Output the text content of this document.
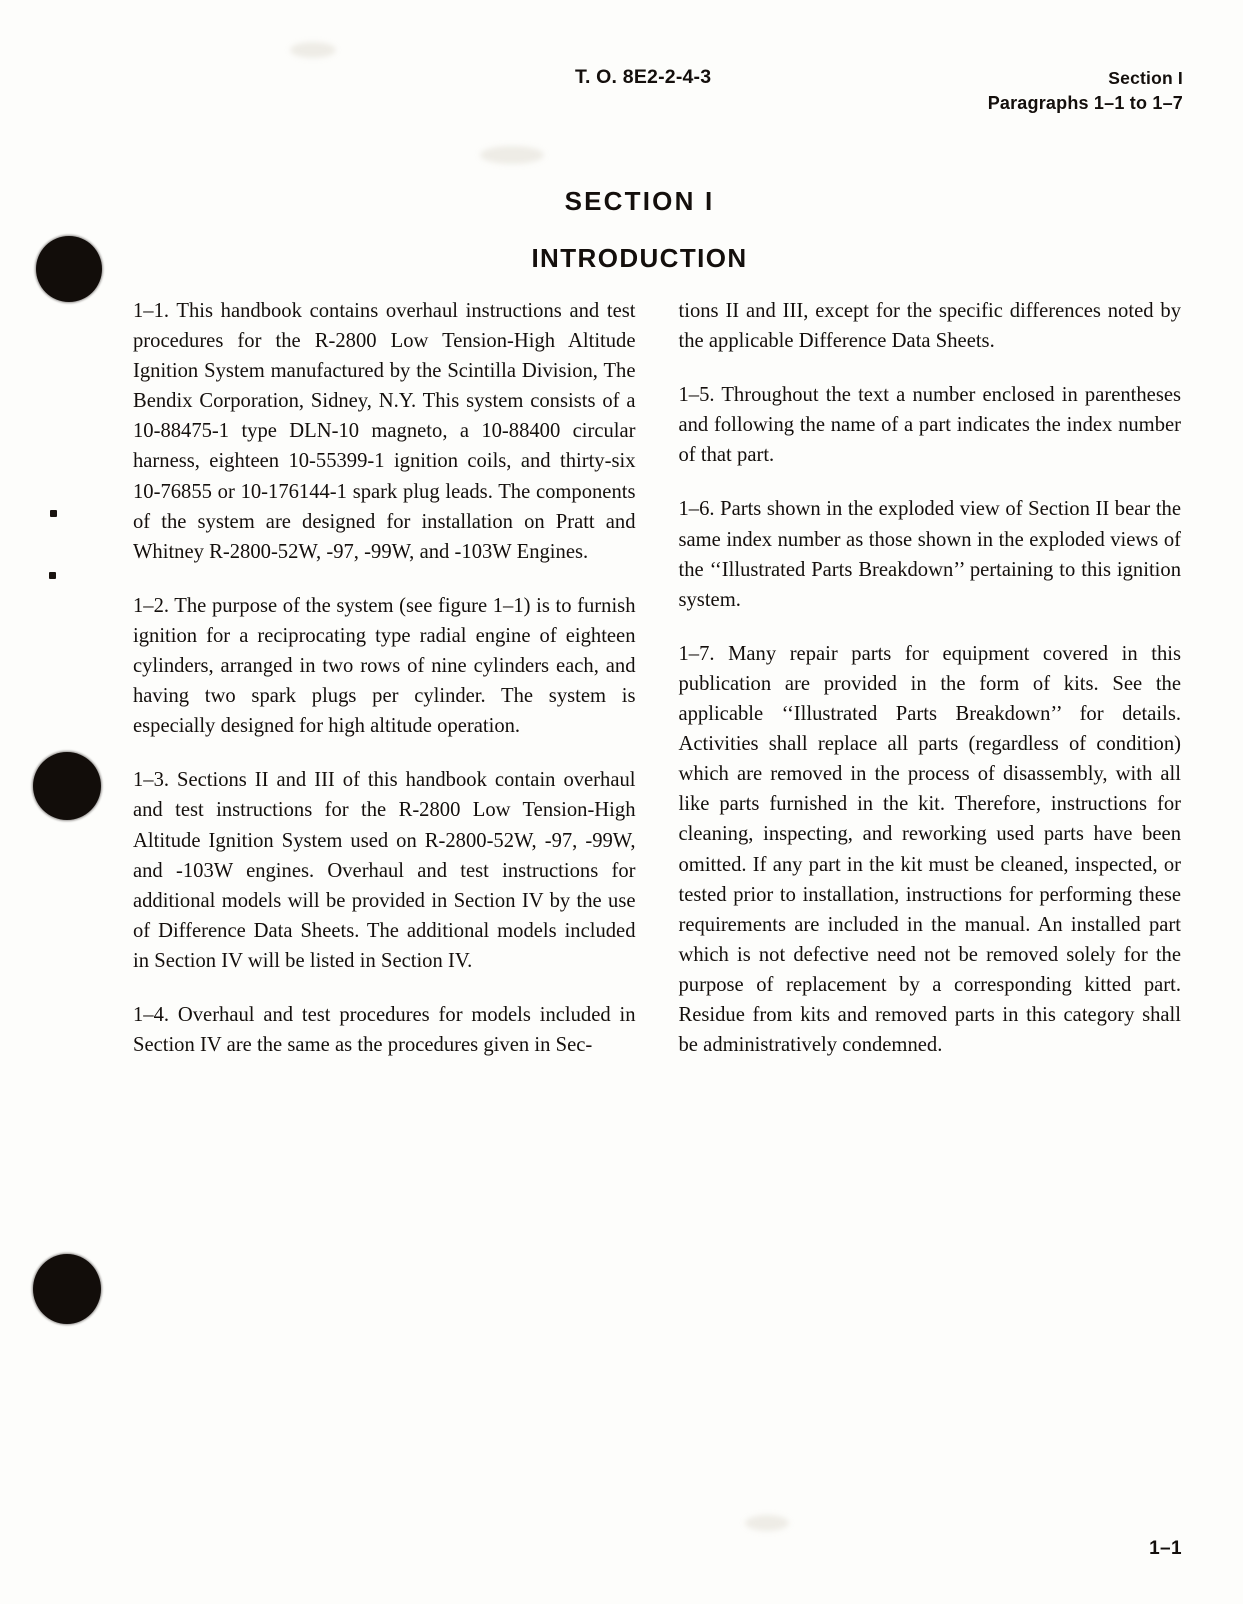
T. O. 8E2-2-4-3	Section I
Paragraphs 1–1 to 1–7
SECTION I
INTRODUCTION

1–1. This handbook contains overhaul instructions and test procedures for the R-2800 Low Tension-High Altitude Ignition System manufactured by the Scintilla Division, The Bendix Corporation, Sidney, N.Y. This system consists of a 10-88475-1 type DLN-10 magneto, a 10-88400 circular harness, eighteen 10-55399-1 ignition coils, and thirty-six 10-76855 or 10-176144-1 spark plug leads. The components of the system are designed for installation on Pratt and Whitney R-2800-52W, -97, -99W, and -103W Engines.

1–2. The purpose of the system (see figure 1–1) is to furnish ignition for a reciprocating type radial engine of eighteen cylinders, arranged in two rows of nine cylinders each, and having two spark plugs per cylinder. The system is especially designed for high altitude operation.

1–3. Sections II and III of this handbook contain overhaul and test instructions for the R-2800 Low Tension-High Altitude Ignition System used on R-2800-52W, -97, -99W, and -103W engines. Overhaul and test instructions for additional models will be provided in Section IV by the use of Difference Data Sheets. The additional models included in Section IV will be listed in Section IV.

1–4. Overhaul and test procedures for models included in Section IV are the same as the procedures given in Sec-

tions II and III, except for the specific differences noted by the applicable Difference Data Sheets.

1–5. Throughout the text a number enclosed in parentheses and following the name of a part indicates the index number of that part.

1–6. Parts shown in the exploded view of Section II bear the same index number as those shown in the exploded views of the ‘‘Illustrated Parts Breakdown’’ pertaining to this ignition system.

1–7. Many repair parts for equipment covered in this publication are provided in the form of kits. See the applicable ‘‘Illustrated Parts Breakdown’’ for details. Activities shall replace all parts (regardless of condition) which are removed in the process of disassembly, with all like parts furnished in the kit. Therefore, instructions for cleaning, inspecting, and reworking used parts have been omitted. If any part in the kit must be cleaned, inspected, or tested prior to installation, instructions for performing these requirements are included in the manual. An installed part which is not defective need not be removed solely for the purpose of replacement by a corresponding kitted part. Residue from kits and removed parts in this category shall be administratively condemned.

1–1
